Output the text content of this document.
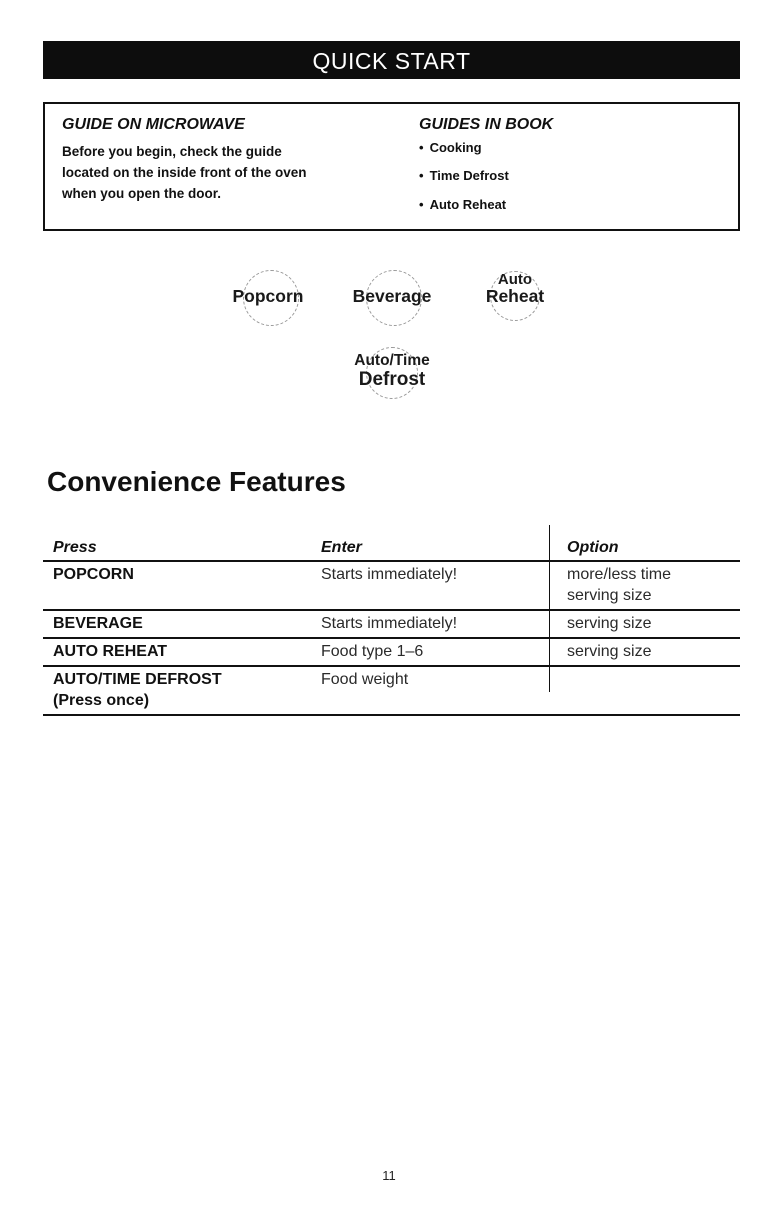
QUICK START

GUIDE ON MICROWAVE

Before you begin, check the guide

located on the inside front of the oven

when you open the door.

GUIDES IN BOOK

• Cooking
• Time Defrost
• Auto Reheat
Popcorn	Beverage
Auto
Reheat
Auto/Time
Defrost
Convenience Features
Press	Enter	Option

POPCORN	Starts immediately!	more/less time
serving size

BEVERAGE	Starts immediately!	serving size

AUTO REHEAT	Food type 1–6	serving size

AUTO/TIME DEFROST
(Press once)	Food weight	
11
